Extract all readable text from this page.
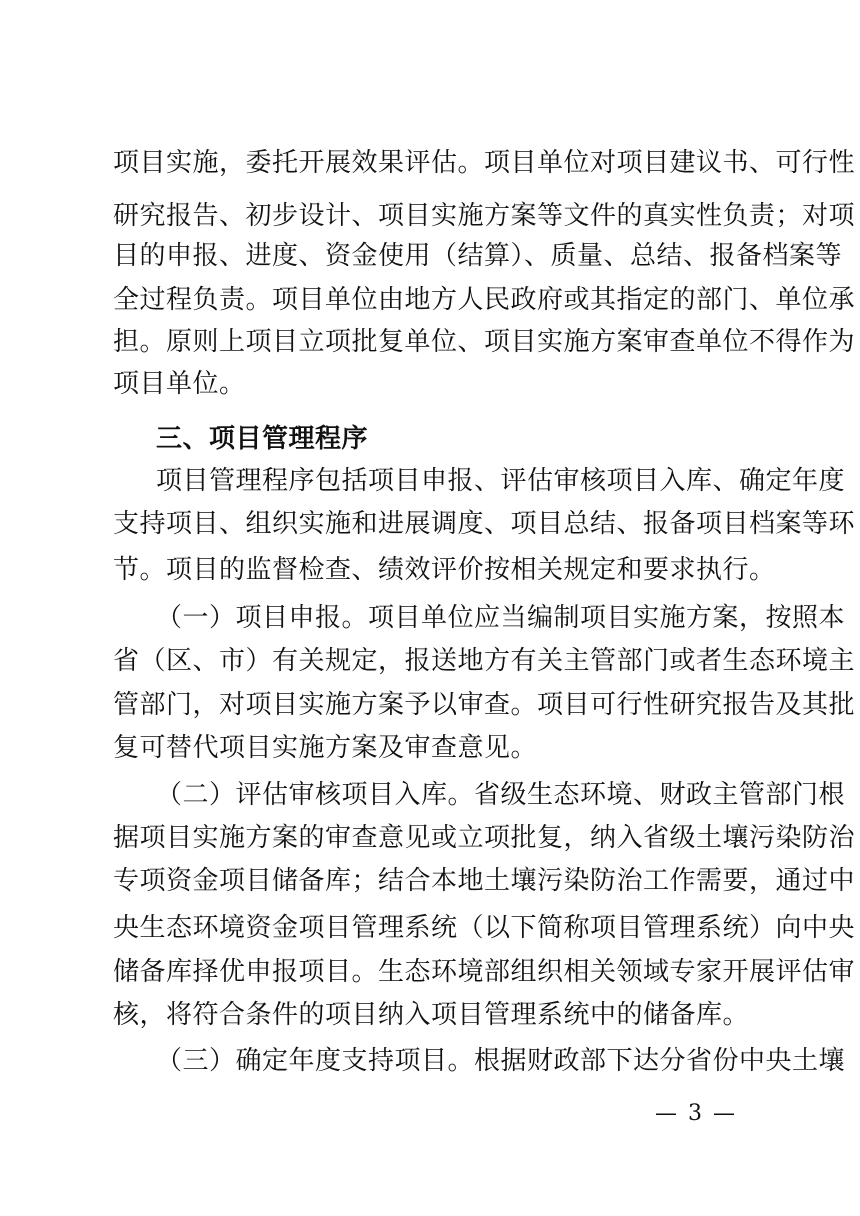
项目实施，委托开展效果评估。项目单位对项目建议书、可行性
研究报告、初步设计、项目实施方案等文件的真实性负责；对项
目的申报、进度、资金使用（结算）、质量、总结、报备档案等
全过程负责。项目单位由地方人民政府或其指定的部门、单位承
担。原则上项目立项批复单位、项目实施方案审查单位不得作为
项目单位。
三、项目管理程序
项目管理程序包括项目申报、评估审核项目入库、确定年度
支持项目、组织实施和进展调度、项目总结、报备项目档案等环
节。项目的监督检查、绩效评价按相关规定和要求执行。
（一）项目申报。项目单位应当编制项目实施方案，按照本
省（区、市）有关规定，报送地方有关主管部门或者生态环境主
管部门，对项目实施方案予以审查。项目可行性研究报告及其批
复可替代项目实施方案及审查意见。
（二）评估审核项目入库。省级生态环境、财政主管部门根
据项目实施方案的审查意见或立项批复，纳入省级土壤污染防治
专项资金项目储备库；结合本地土壤污染防治工作需要，通过中
央生态环境资金项目管理系统（以下简称项目管理系统）向中央
储备库择优申报项目。生态环境部组织相关领域专家开展评估审
核，将符合条件的项目纳入项目管理系统中的储备库。
（三）确定年度支持项目。根据财政部下达分省份中央土壤
— 3 —
